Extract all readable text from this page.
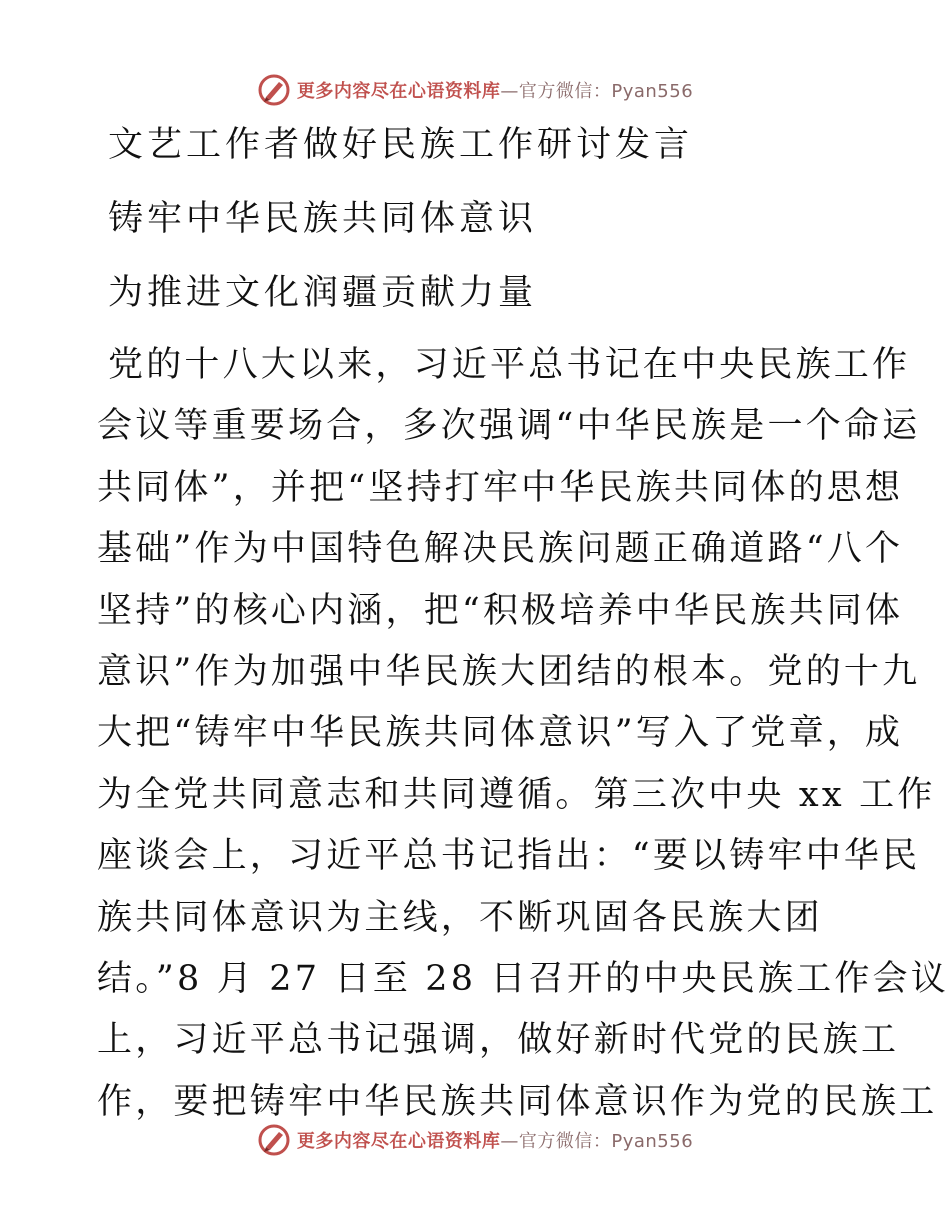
更多内容尽在心语资料库—官方微信：Pyan556
文艺工作者做好民族工作研讨发言
铸牢中华民族共同体意识
为推进文化润疆贡献力量
党的十八大以来，习近平总书记在中央民族工作
会议等重要场合，多次强调“中华民族是一个命运
共同体”，并把“坚持打牢中华民族共同体的思想
基础”作为中国特色解决民族问题正确道路“八个
坚持”的核心内涵，把“积极培养中华民族共同体
意识”作为加强中华民族大团结的根本。党的十九
大把“铸牢中华民族共同体意识”写入了党章，成
为全党共同意志和共同遵循。第三次中央 xx 工作
座谈会上，习近平总书记指出：“要以铸牢中华民
族共同体意识为主线，不断巩固各民族大团
结。”8 月 27 日至 28 日召开的中央民族工作会议
上，习近平总书记强调，做好新时代党的民族工
作，要把铸牢中华民族共同体意识作为党的民族工
更多内容尽在心语资料库—官方微信：Pyan556
